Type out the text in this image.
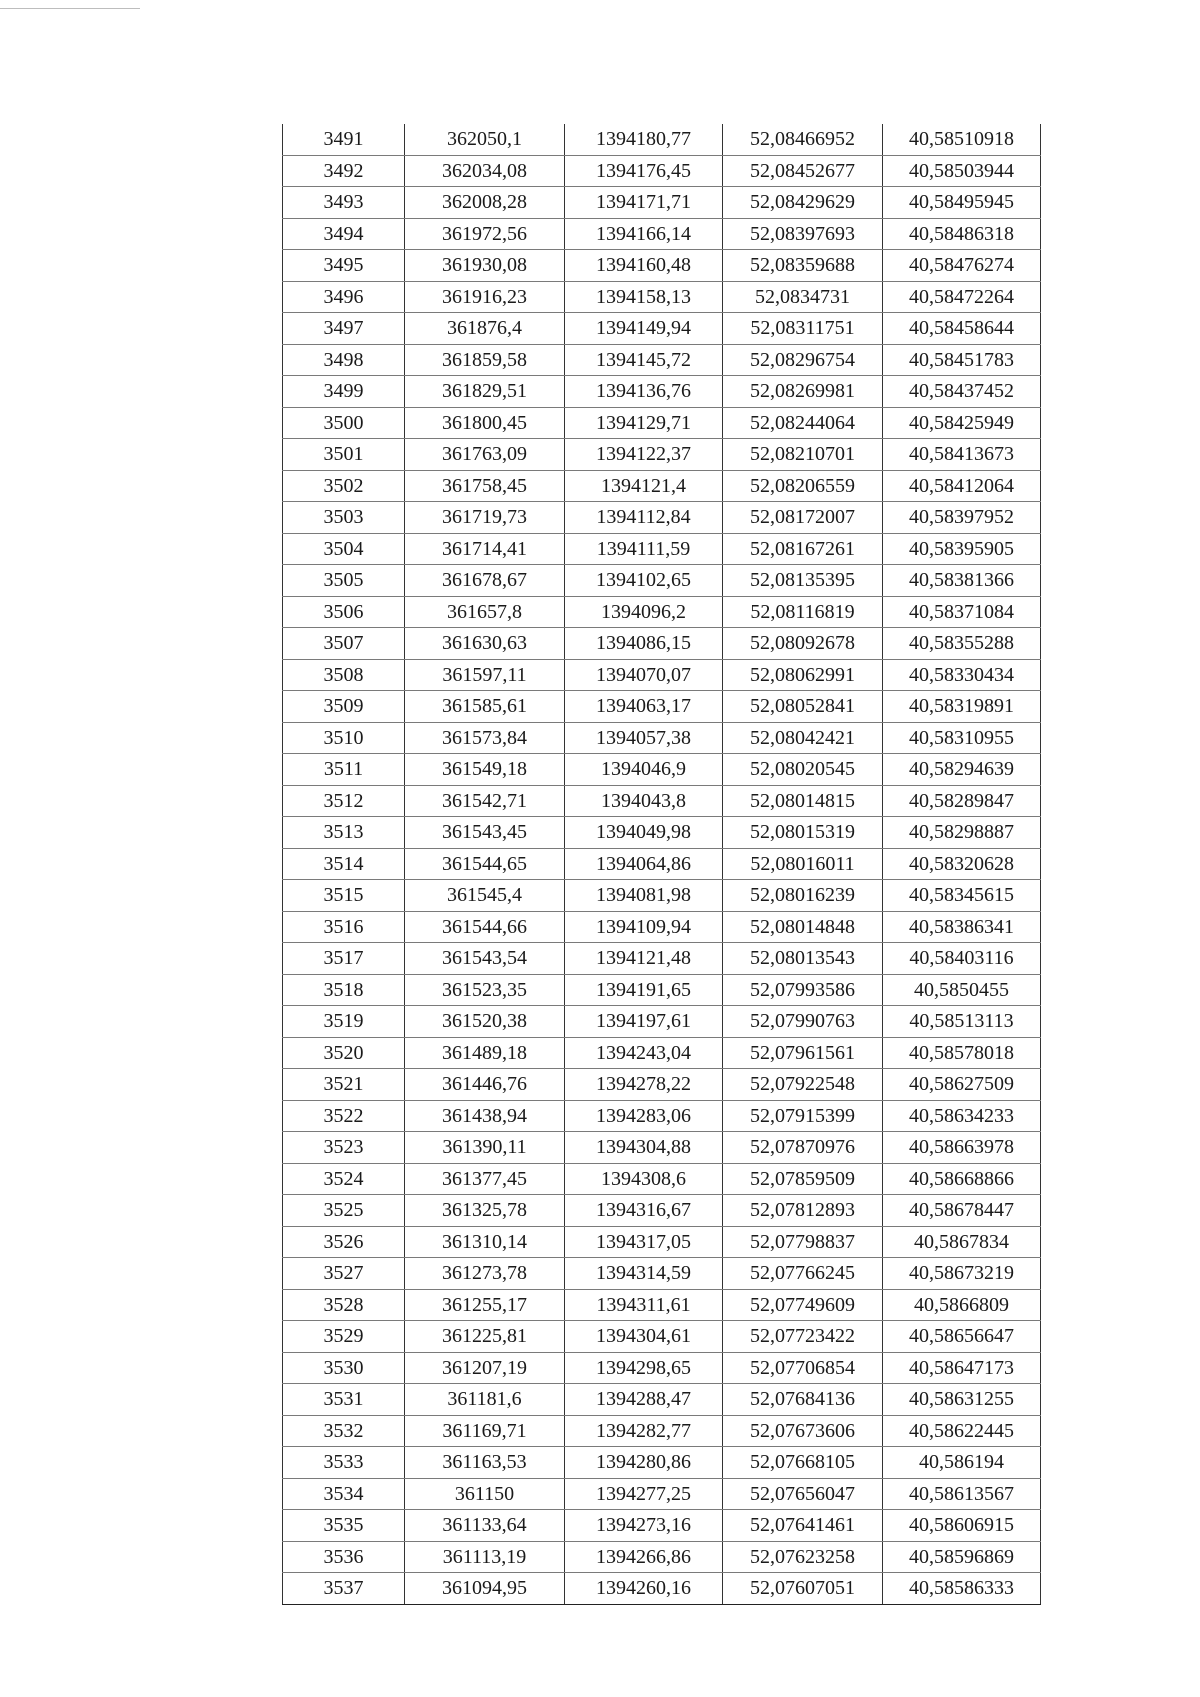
3491	362050,1	1394180,77	52,08466952	40,58510918
3492	362034,08	1394176,45	52,08452677	40,58503944
3493	362008,28	1394171,71	52,08429629	40,58495945
3494	361972,56	1394166,14	52,08397693	40,58486318
3495	361930,08	1394160,48	52,08359688	40,58476274
3496	361916,23	1394158,13	52,0834731	40,58472264
3497	361876,4	1394149,94	52,08311751	40,58458644
3498	361859,58	1394145,72	52,08296754	40,58451783
3499	361829,51	1394136,76	52,08269981	40,58437452
3500	361800,45	1394129,71	52,08244064	40,58425949
3501	361763,09	1394122,37	52,08210701	40,58413673
3502	361758,45	1394121,4	52,08206559	40,58412064
3503	361719,73	1394112,84	52,08172007	40,58397952
3504	361714,41	1394111,59	52,08167261	40,58395905
3505	361678,67	1394102,65	52,08135395	40,58381366
3506	361657,8	1394096,2	52,08116819	40,58371084
3507	361630,63	1394086,15	52,08092678	40,58355288
3508	361597,11	1394070,07	52,08062991	40,58330434
3509	361585,61	1394063,17	52,08052841	40,58319891
3510	361573,84	1394057,38	52,08042421	40,58310955
3511	361549,18	1394046,9	52,08020545	40,58294639
3512	361542,71	1394043,8	52,08014815	40,58289847
3513	361543,45	1394049,98	52,08015319	40,58298887
3514	361544,65	1394064,86	52,08016011	40,58320628
3515	361545,4	1394081,98	52,08016239	40,58345615
3516	361544,66	1394109,94	52,08014848	40,58386341
3517	361543,54	1394121,48	52,08013543	40,58403116
3518	361523,35	1394191,65	52,07993586	40,5850455
3519	361520,38	1394197,61	52,07990763	40,58513113
3520	361489,18	1394243,04	52,07961561	40,58578018
3521	361446,76	1394278,22	52,07922548	40,58627509
3522	361438,94	1394283,06	52,07915399	40,58634233
3523	361390,11	1394304,88	52,07870976	40,58663978
3524	361377,45	1394308,6	52,07859509	40,58668866
3525	361325,78	1394316,67	52,07812893	40,58678447
3526	361310,14	1394317,05	52,07798837	40,5867834
3527	361273,78	1394314,59	52,07766245	40,58673219
3528	361255,17	1394311,61	52,07749609	40,5866809
3529	361225,81	1394304,61	52,07723422	40,58656647
3530	361207,19	1394298,65	52,07706854	40,58647173
3531	361181,6	1394288,47	52,07684136	40,58631255
3532	361169,71	1394282,77	52,07673606	40,58622445
3533	361163,53	1394280,86	52,07668105	40,586194
3534	361150	1394277,25	52,07656047	40,58613567
3535	361133,64	1394273,16	52,07641461	40,58606915
3536	361113,19	1394266,86	52,07623258	40,58596869
3537	361094,95	1394260,16	52,07607051	40,58586333
